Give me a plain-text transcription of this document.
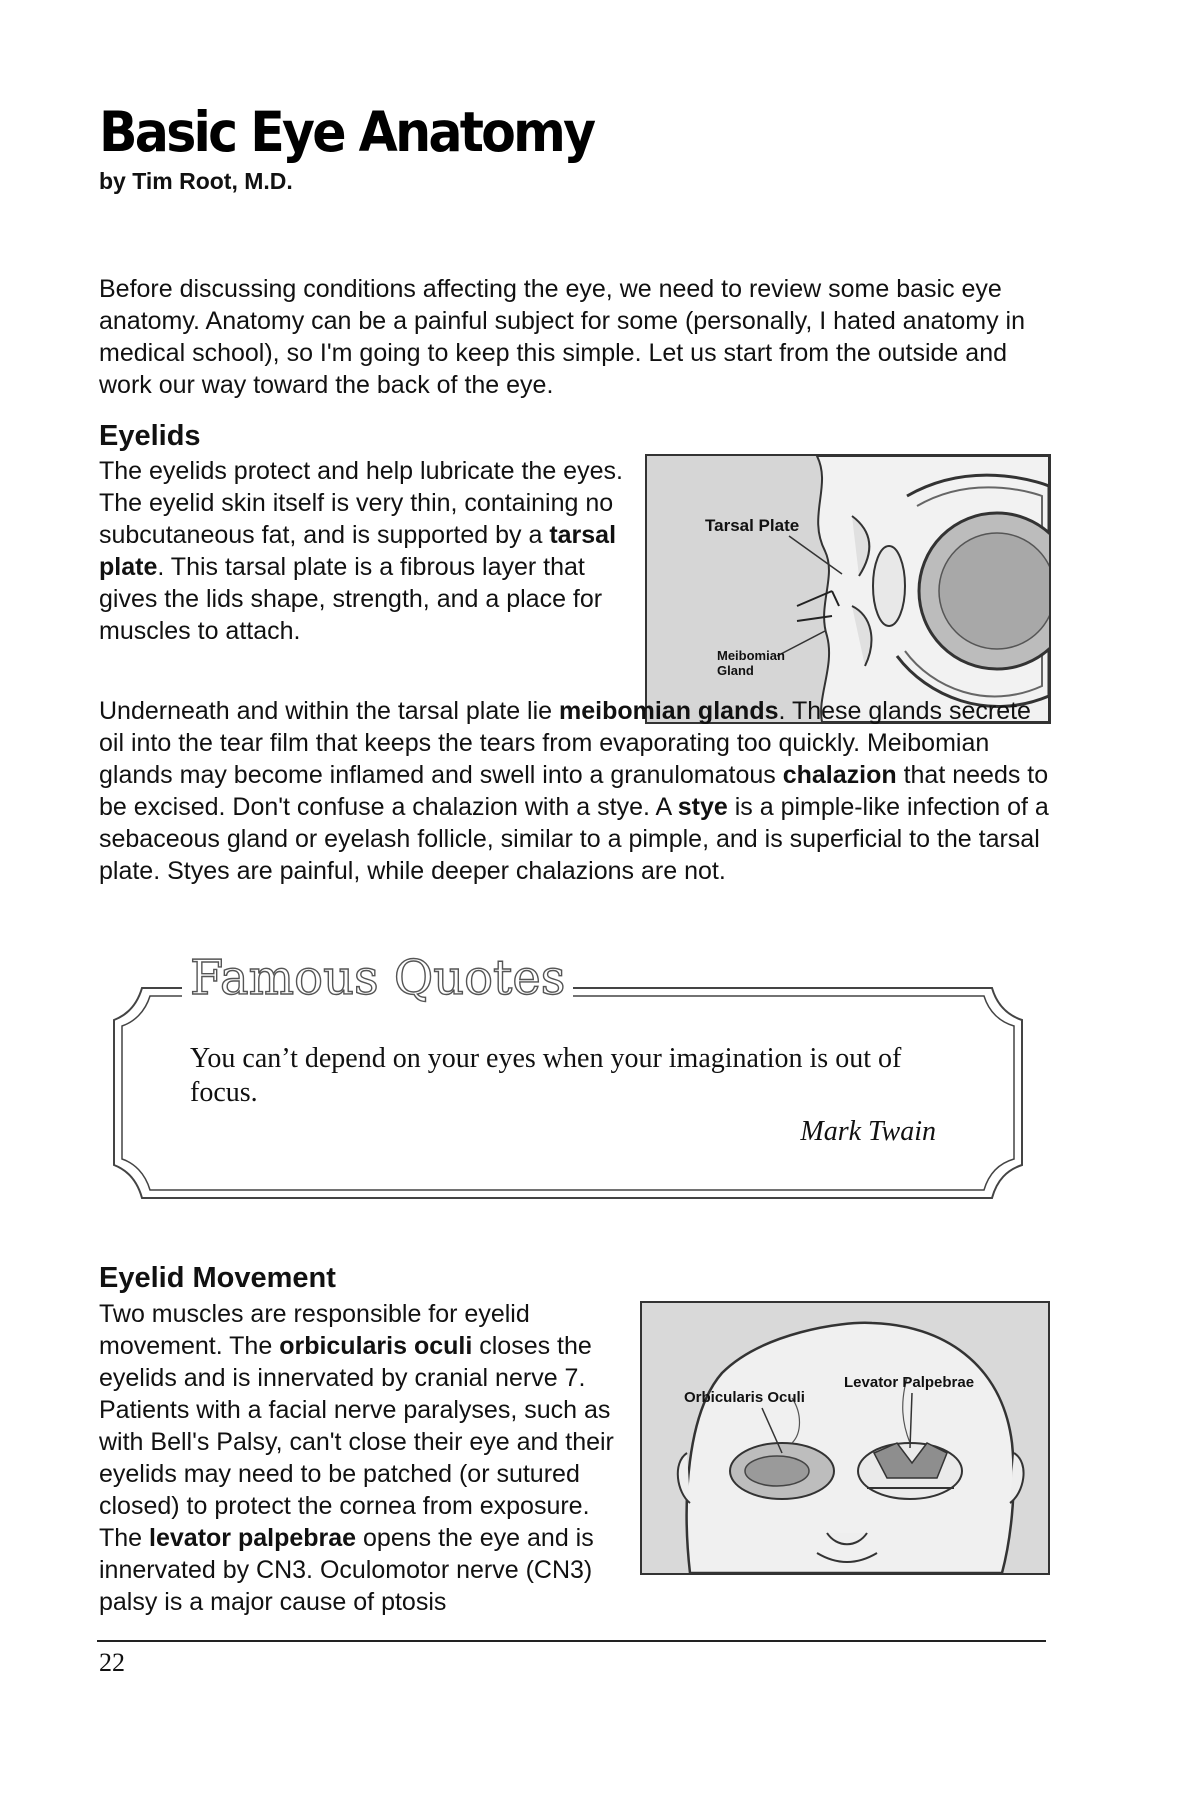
Basic Eye Anatomy
by Tim Root, M.D.

Before discussing conditions affecting the eye, we need to review some basic eye anatomy. Anatomy can be a painful subject for some (personally, I hated anatomy in medical school), so I'm going to keep this simple. Let us start from the outside and work our way toward the back of the eye.

Eyelids

The eyelids protect and help lubricate the eyes. The eyelid skin itself is very thin, containing no subcutaneous fat, and is supported by a tarsal plate. This tarsal plate is a fibrous layer that gives the lids shape, strength, and a place for muscles to attach.

Tarsal Plate
Meibomian
Gland

Underneath and within the tarsal plate lie meibomian glands. These glands secrete oil into the tear film that keeps the tears from evaporating too quickly. Meibomian glands may become inflamed and swell into a granulomatous chalazion that needs to be excised. Don't confuse a chalazion with a stye. A stye is a pimple-like infection of a sebaceous gland or eyelash follicle, similar to a pimple, and is superficial to the tarsal plate. Styes are painful, while deeper chalazions are not.

Famous Quotes
You can’t depend on your eyes when your imagination is out of focus.
Mark Twain
Eyelid Movement

Two muscles are responsible for eyelid movement. The orbicularis oculi closes the eyelids and is innervated by cranial nerve 7. Patients with a facial nerve paralyses, such as with Bell's Palsy, can't close their eye and their eyelids may need to be patched (or sutured closed) to protect the cornea from exposure. The levator palpebrae opens the eye and is innervated by CN3. Oculomotor nerve (CN3) palsy is a major cause of ptosis

Orbicularis Oculi
Levator Palpebrae
22
